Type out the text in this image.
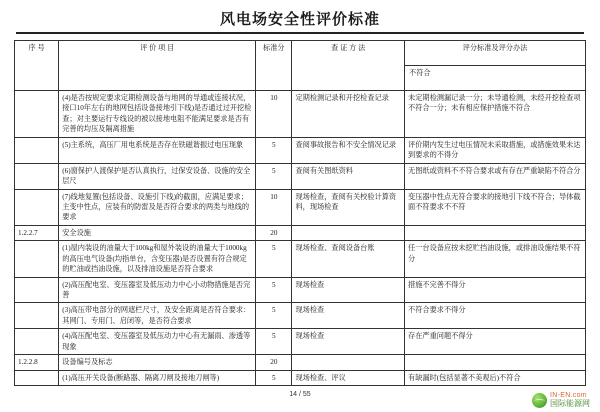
风电场安全性评价标准
序 号	评 价 项 目	标准分	查 证 方 法	评分标准及评分办法
				不符合
	(4)是否按规定要求定期检测设备与地网的导通或连接状况，接口10年左右的地网包括设备接地引下线)是否通过过开挖检查；对主要运行专线设的被以接地电阻不能满足要求是否有完善的均压及隔离措施	10	定期检测记录和开挖检查记录	未定期检测漏记录一分；未导通检测，未经开挖检查项不符合一分；未有相应保护措施不符合
	(5)主系统，高压厂用电系统是否存在铁磁谐振过电压现象	5	查阅事故报告和不安全情况记录	评价期内发生过电压情况未采取措施，或措施效果未达到要求的不得分
	(6)窗保护人渡保护是否认真执行，过保安设备、设施的安全层尺	5	查阅有关图纸资料	无图纸或资料不不符合要求或有存在严重缺陷不符合分
	(7)线地复置(包括设备、设施引下线)的截面，应满足要求；主变中性点，应装有的防雷及是否符合要求的两类与地线的要求	10	现场检查，查阅有关校验计算资料，现场检查	变压器中性点无符合要求的接地引下线不符合；导体截面不符要求不不符
1.2.2.7	安全设施	20		
	(1)屋内装设的油量大于100kg和屋外装设的油量大于1000kg的高压电气设备(均指单台，含变压器)是否设置有符合规定的贮油或挡油设施，以及排油设施是否符合要求	5	现场检查、查阅设备台账	任一台设备应按未挖贮挡油设施，或排油设施结果不符分
	(2)高压配电室、变压器室及低压动力中心小动物措施是否完善	5	现场检查	措施不完善不得分
	(3)高压带电部分的网遮栏尺寸，及安全距离是否符合要求：其网门、专用门、启闭等，是否符合要求	5	现场检查	不符合要求不得分
	(4)高压配电室、变压器室及低压动力中心有无漏雨、渗透等现象	5	现场检查	存在严重问题不得分
1.2.2.8	设备编号及标志	20		
	(1)高压开关设备(断路器、隔离刀闸及接地刀闸等)	5	现场检查、评议	有缺漏时(包括显著不美观后)不符合
14 / 55	IN-EN.com
国际能源网
